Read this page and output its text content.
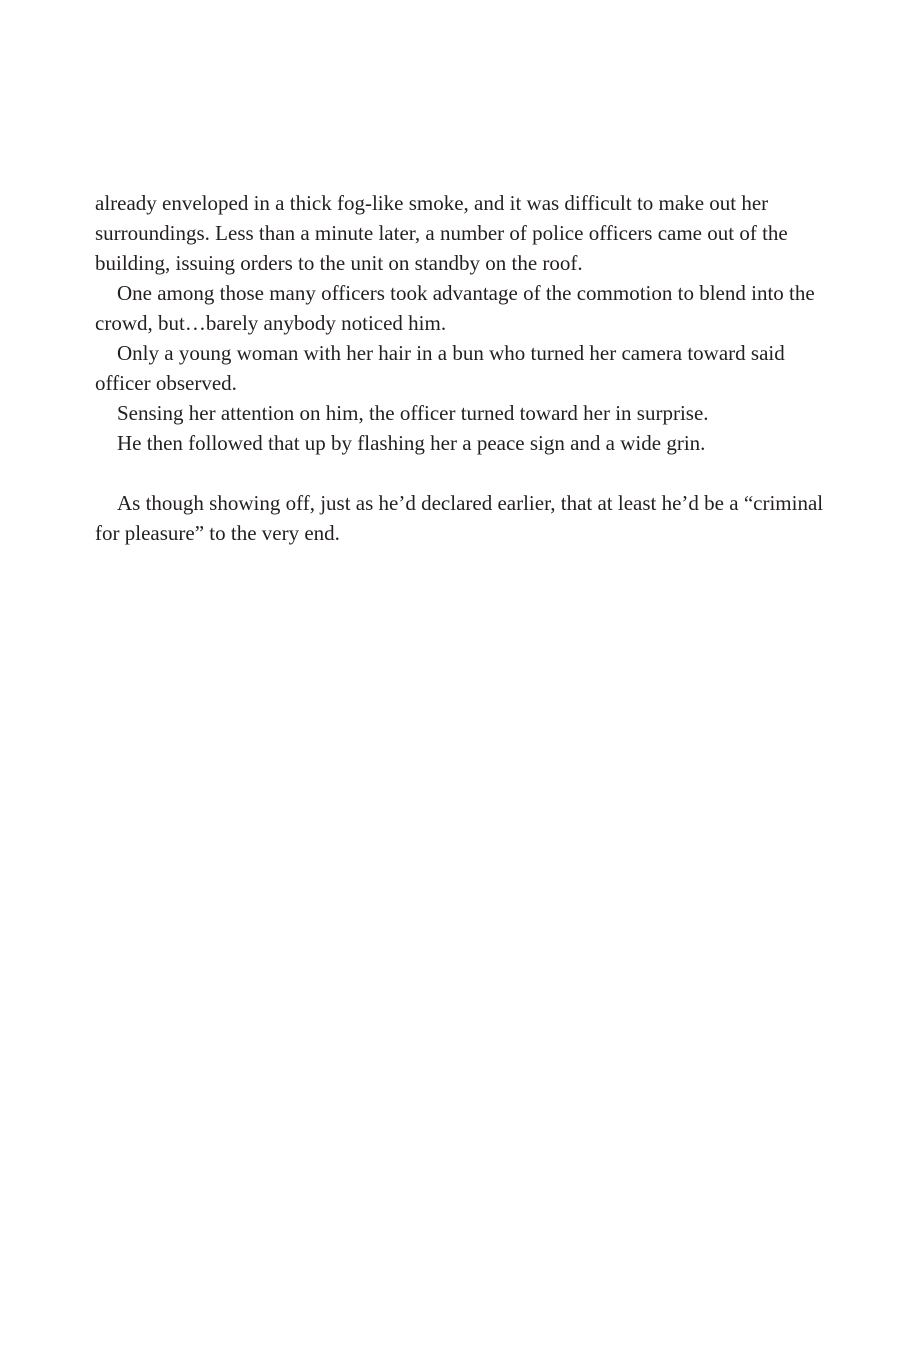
already enveloped in a thick fog-like smoke, and it was difficult to make out her surroundings. Less than a minute later, a number of police officers came out of the building, issuing orders to the unit on standby on the roof.

One among those many officers took advantage of the commotion to blend into the crowd, but…barely anybody noticed him.

Only a young woman with her hair in a bun who turned her camera toward said officer observed.

Sensing her attention on him, the officer turned toward her in surprise.

He then followed that up by flashing her a peace sign and a wide grin.

As though showing off, just as he’d declared earlier, that at least he’d be a “criminal for pleasure” to the very end.
